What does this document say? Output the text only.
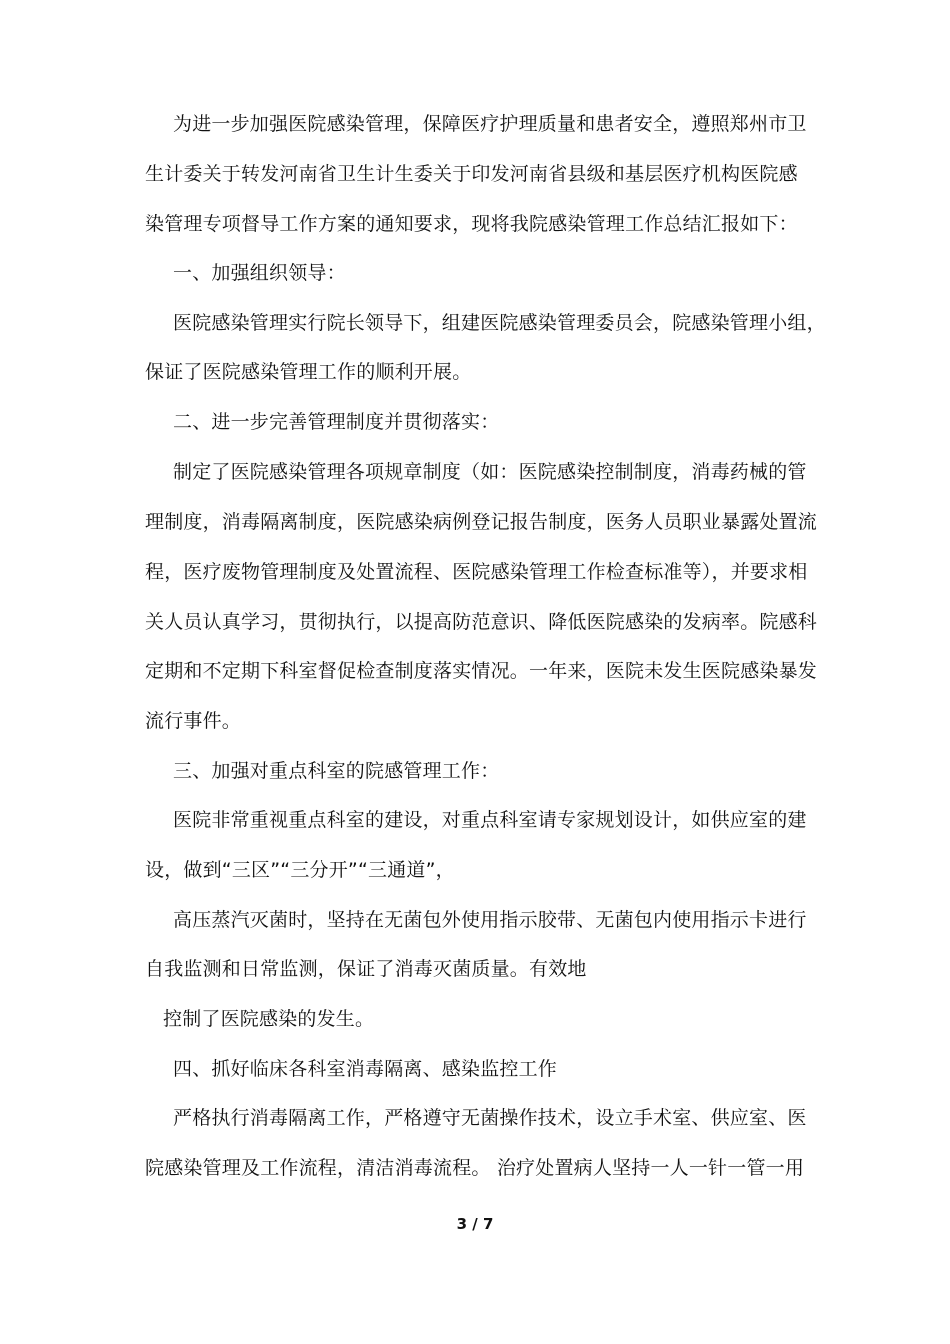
为进一步加强医院感染管理，保障医疗护理质量和患者安全，遵照郑州市卫
生计委关于转发河南省卫生计生委关于印发河南省县级和基层医疗机构医院感
染管理专项督导工作方案的通知要求，现将我院感染管理工作总结汇报如下：
一、加强组织领导：
医院感染管理实行院长领导下，组建医院感染管理委员会，院感染管理小组，
保证了医院感染管理工作的顺利开展。
二、进一步完善管理制度并贯彻落实：
制定了医院感染管理各项规章制度（如：医院感染控制制度，消毒药械的管
理制度，消毒隔离制度，医院感染病例登记报告制度，医务人员职业暴露处置流
程，医疗废物管理制度及处置流程、医院感染管理工作检查标准等），并要求相
关人员认真学习，贯彻执行，以提高防范意识、降低医院感染的发病率。院感科
定期和不定期下科室督促检查制度落实情况。一年来，医院未发生医院感染暴发
流行事件。
三、加强对重点科室的院感管理工作：
医院非常重视重点科室的建设，对重点科室请专家规划设计，如供应室的建
设，做到“三区”“三分开”“三通道”，
高压蒸汽灭菌时，坚持在无菌包外使用指示胶带、无菌包内使用指示卡进行
自我监测和日常监测，保证了消毒灭菌质量。有效地
控制了医院感染的发生。
四、抓好临床各科室消毒隔离、感染监控工作
严格执行消毒隔离工作，严格遵守无菌操作技术，设立手术室、供应室、医
院感染管理及工作流程，清洁消毒流程。 治疗处置病人坚持一人一针一管一用
3 / 7
